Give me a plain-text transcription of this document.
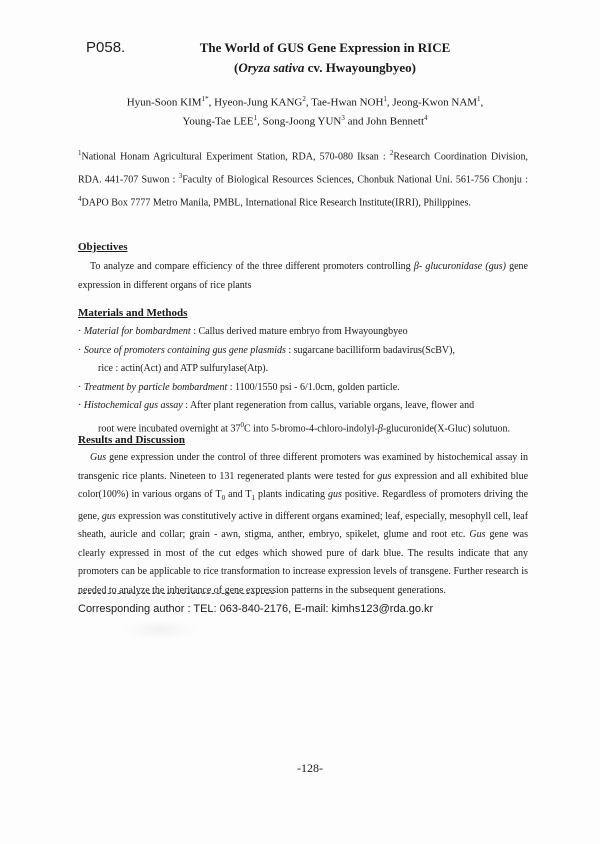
P058.	The World of GUS Gene Expression in RICE
(Oryza sativa cv. Hwayoungbyeo)
Hyun-Soon $KIM^{1*}$, Hyeon-Jung KANG$^2$, Tae-Hwan NOH$^1$, Jeong-Kwon NAM$^1$,
Young-Tae LEE$^1$, Song-Joong YUN$^3$ and John Bennett$^4$
$^1$National Honam Agricultural Experiment Station, RDA, 570-080 Iksan : $^2$Research Coordination Division, RDA. 441-707 Suwon : $^3$Faculty of Biological Resources Sciences, Chonbuk National Uni. 561-756 Chonju : $^4$DAPO Box 7777 Metro Manila, PMBL, International Rice Research Institute(IRRI), Philippines.
Objectives
To analyze and compare efficiency of the three different promoters controlling β- glucuronidase (gus) gene expression in different organs of rice plants
Materials and Methods
· Material for bombardment : Callus derived mature embryo from Hwayoungbyeo
· Source of promoters containing gus gene plasmids : sugarcane bacilliform badavirus(ScBV),
rice : actin(Act) and ATP sulfurylase(Atp).
· Treatment by particle bombardment : 1100/1550 psi - 6/1.0cm, golden particle.
· Histochemical gus assay : After plant regeneration from callus, variable organs, leave, flower and
root were incubated overnight at $37^0C$ into 5-bromo-4-chloro-indolyl-β-glucuronide(X-Gluc) solutuon.
Results and Discussion
Gus gene expression under the control of three different promoters was examined by histochemical assay in transgenic rice plants. Nineteen to 131 regenerated plants were tested for gus expression and all exhibited blue color(100%) in various organs of $T_0$ and $T_1$ plants indicating gus positive. Regardless of promoters driving the gene, gus expression was constitutively active in different organs examined; leaf, especially, mesophyll cell, leaf sheath, auricle and collar; grain - awn, stigma, anther, embryo, spikelet, glume and root etc. Gus gene was clearly expressed in most of the cut edges which showed pure of dark blue. The results indicate that any promoters can be applicable to rice transformation to increase expression levels of transgene. Further research is needed to analyze the inheritance of gene expression patterns in the subsequent generations.
Corresponding author : TEL: 063-840-2176, E-mail: kimhs123@rda.go.kr
-128-
